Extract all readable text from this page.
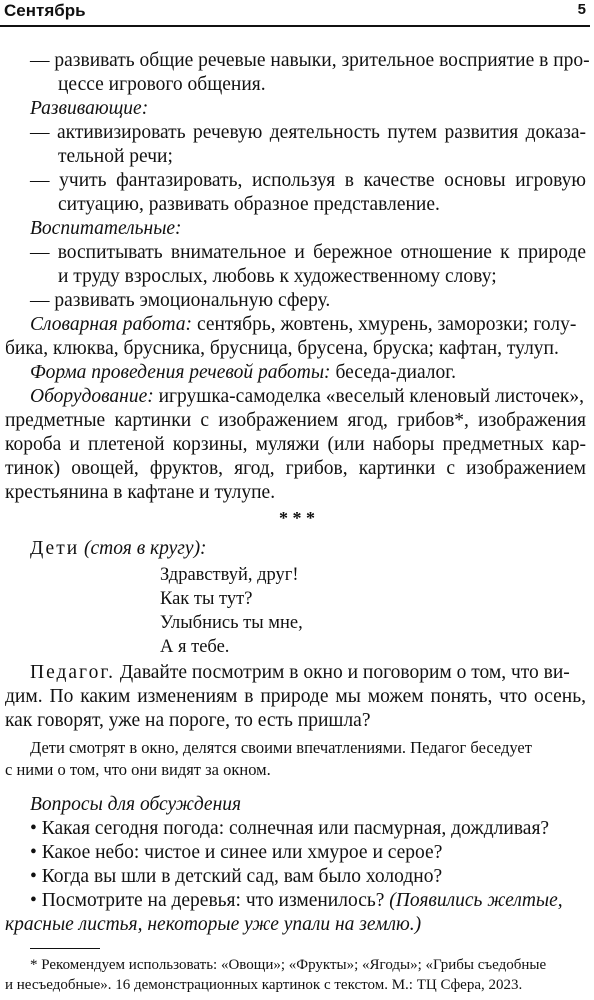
Сентябрь	5
— развивать общие речевые навыки, зрительное восприятие в про-
цессе игрового общения.
Развивающие:
— активизировать речевую деятельность путем развития доказа-
тельной речи;
— учить фантазировать, используя в качестве основы игровую
ситуацию, развивать образное представление.
Воспитательные:
— воспитывать внимательное и бережное отношение к природе
и труду взрослых, любовь к художественному слову;
— развивать эмоциональную сферу.
Словарная работа: сентябрь, жовтень, хмурень, заморозки; голу-
бика, клюква, брусника, брусница, брусена, бруска; кафтан, тулуп.
Форма проведения речевой работы: беседа-диалог.
Оборудование: игрушка-самоделка «веселый кленовый листочек»,
предметные картинки с изображением ягод, грибов*, изображения
короба и плетеной корзины, муляжи (или наборы предметных кар-
тинок) овощей, фруктов, ягод, грибов, картинки с изображением
крестьянина в кафтане и тулупе.
* * *
Дети (стоя в кругу):
Здравствуй, друг!
Как ты тут?
Улыбнись ты мне,
А я тебе.
Педагог. Давайте посмотрим в окно и поговорим о том, что ви-
дим. По каким изменениям в природе мы можем понять, что осень,
как говорят, уже на пороге, то есть пришла?
Дети смотрят в окно, делятся своими впечатлениями. Педагог беседует
с ними о том, что они видят за окном.
Вопросы для обсуждения
• Какая сегодня погода: солнечная или пасмурная, дождливая?
• Какое небо: чистое и синее или хмурое и серое?
• Когда вы шли в детский сад, вам было холодно?
• Посмотрите на деревья: что изменилось? (Появились желтые,
красные листья, некоторые уже упали на землю.)
* Рекомендуем использовать: «Овощи»; «Фрукты»; «Ягоды»; «Грибы съедобные
и несъедобные». 16 демонстрационных картинок с текстом. М.: ТЦ Сфера, 2023.
